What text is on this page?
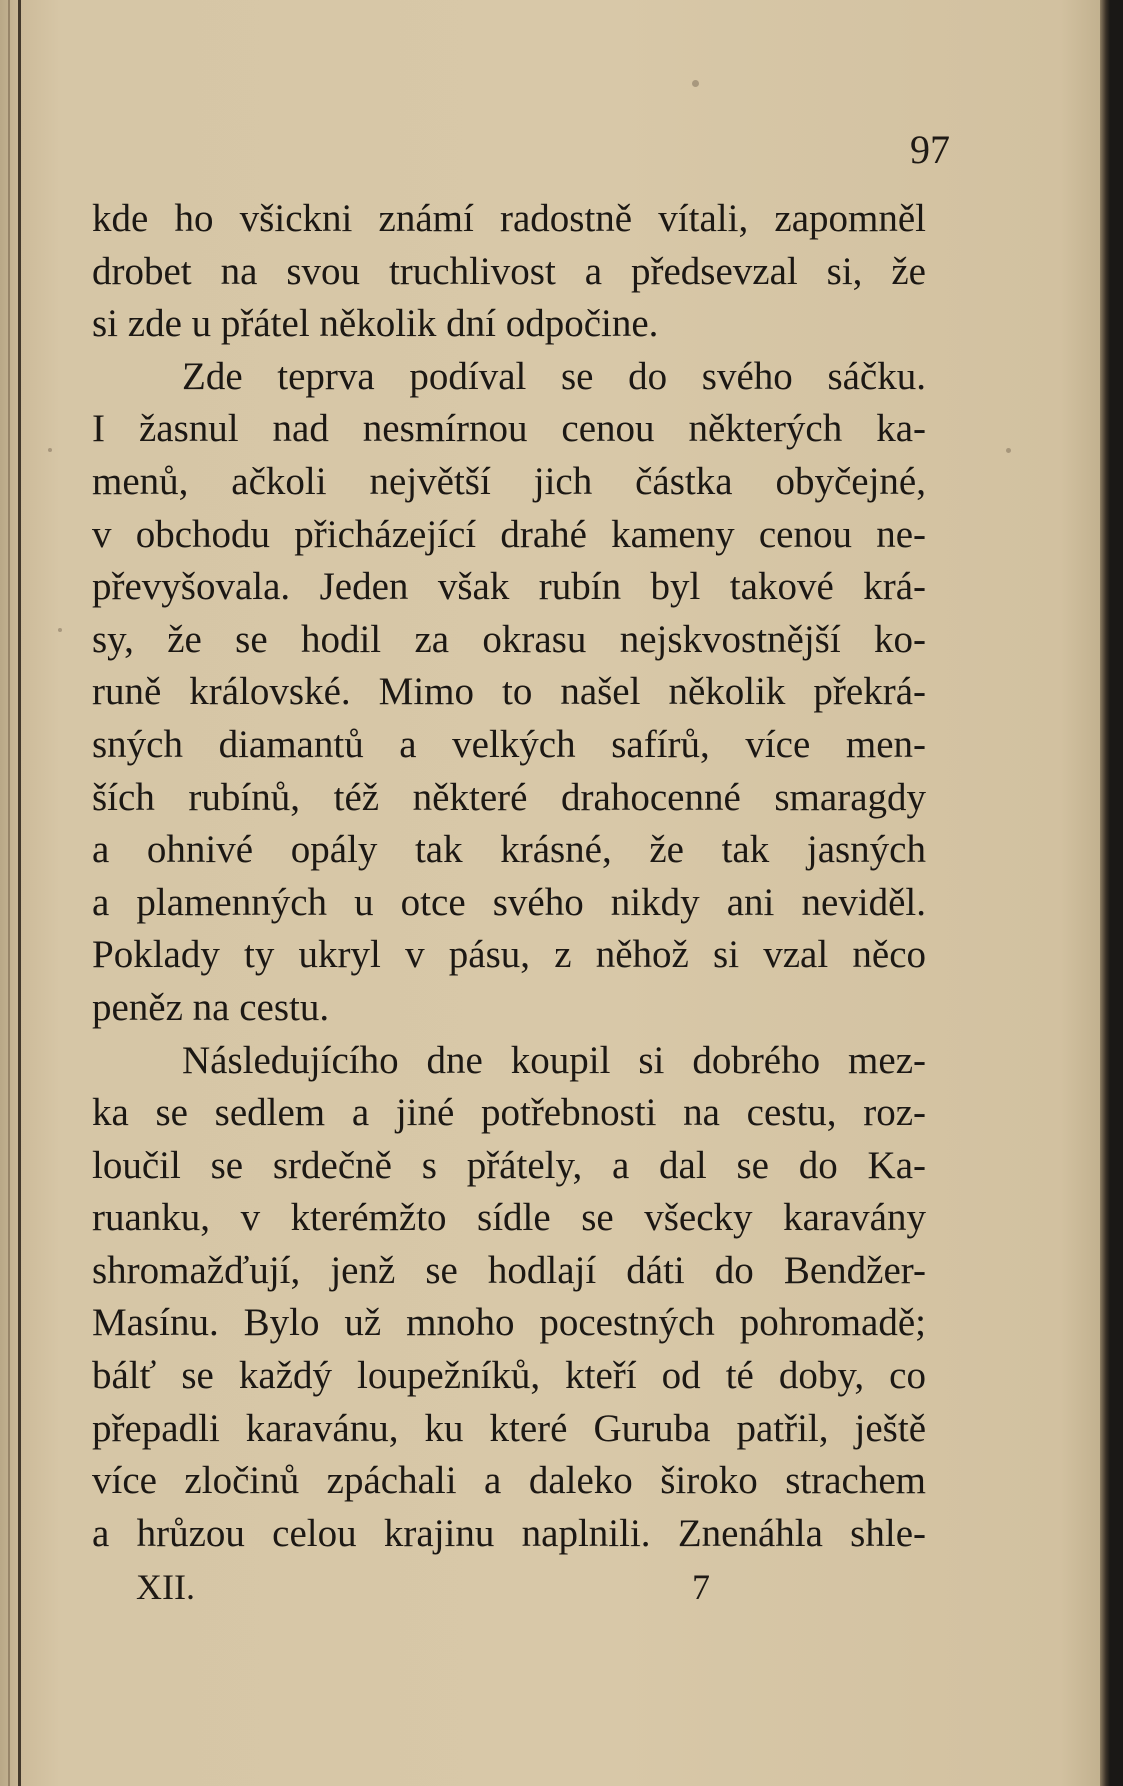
97
kde ho všickni známí radostně vítali, zapomněl
drobet na svou truchlivost a předsevzal si, že
si zde u přátel několik dní odpočine.
Zde teprva podíval se do svého sáčku.
I žasnul nad nesmírnou cenou některých ka-
menů, ačkoli největší jich částka obyčejné,
v obchodu přicházející drahé kameny cenou ne-
převyšovala. Jeden však rubín byl takové krá-
sy, že se hodil za okrasu nejskvostnější ko-
runě královské. Mimo to našel několik překrá-
sných diamantů a velkých safírů, více men-
ších rubínů, též některé drahocenné smaragdy
a ohnivé opály tak krásné, že tak jasných
a plamenných u otce svého nikdy ani neviděl.
Poklady ty ukryl v pásu, z něhož si vzal něco
peněz na cestu.
Následujícího dne koupil si dobrého mez-
ka se sedlem a jiné potřebnosti na cestu, roz-
loučil se srdečně s přátely, a dal se do Ka-
ruanku, v kterémžto sídle se všecky karavány
shromažďují, jenž se hodlají dáti do Bendžer-
Masínu. Bylo už mnoho pocestných pohromadě;
bálť se každý loupežníků, kteří od té doby, co
přepadli karavánu, ku které Guruba patřil, ještě
více zločinů zpáchali a daleko široko strachem
a hrůzou celou krajinu naplnili. Znenáhla shle-
XII.	7
